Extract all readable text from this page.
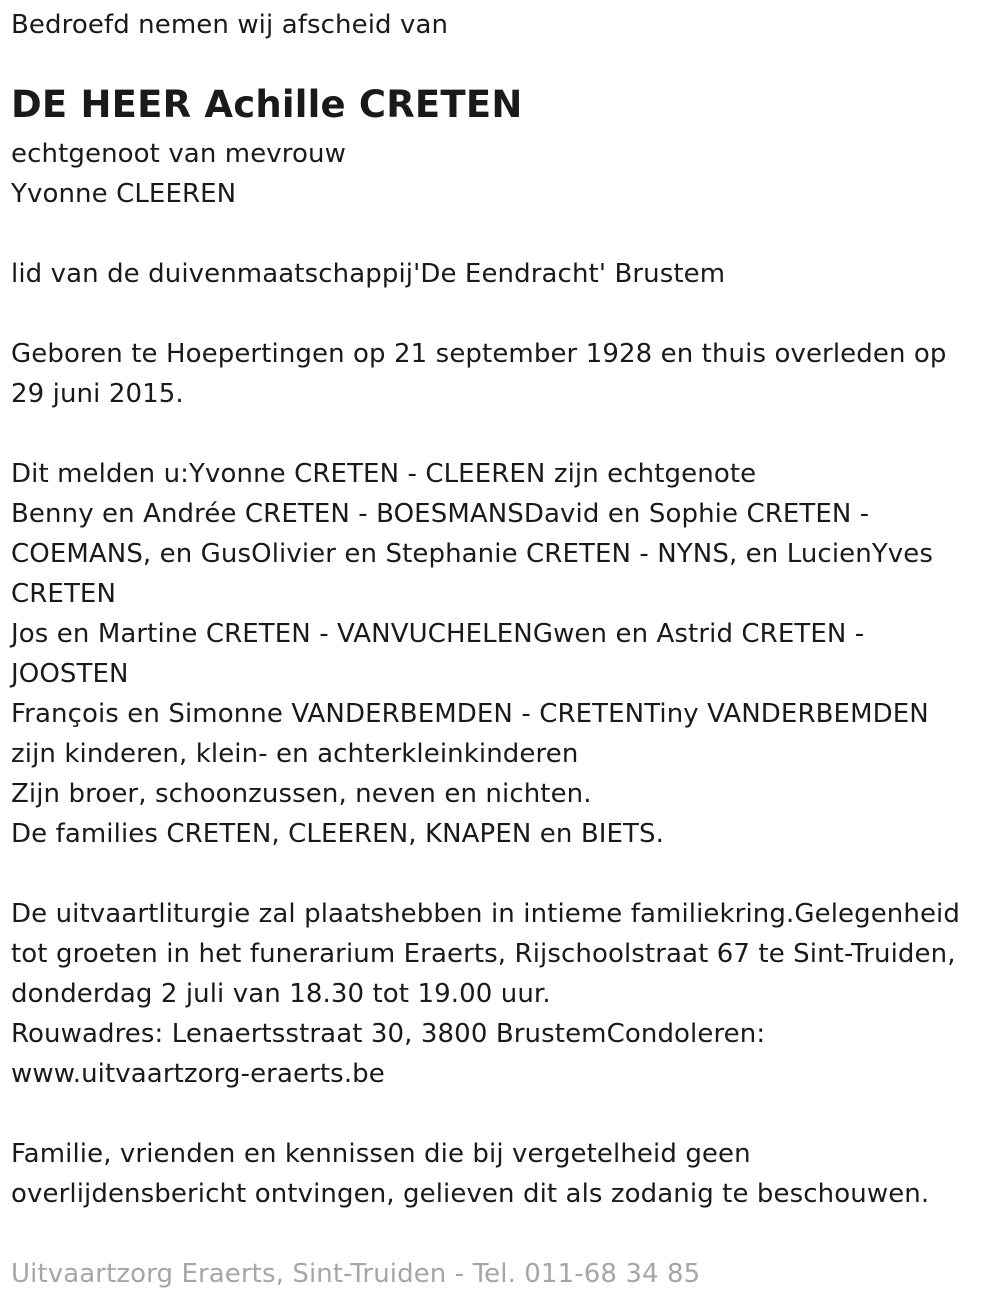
Bedroefd nemen wij afscheid van
DE HEER Achille CRETEN
echtgenoot van mevrouw
Yvonne CLEEREN
lid van de duivenmaatschappij'De Eendracht' Brustem
Geboren te Hoepertingen op 21 september 1928 en thuis overleden op
29 juni 2015.
Dit melden u:Yvonne CRETEN - CLEEREN zijn echtgenote
Benny en Andrée CRETEN - BOESMANSDavid en Sophie CRETEN -
COEMANS, en GusOlivier en Stephanie CRETEN - NYNS, en LucienYves
CRETEN
Jos en Martine CRETEN - VANVUCHELENGwen en Astrid CRETEN -
JOOSTEN
François en Simonne VANDERBEMDEN - CRETENTiny VANDERBEMDEN
zijn kinderen, klein- en achterkleinkinderen
Zijn broer, schoonzussen, neven en nichten.
De families CRETEN, CLEEREN, KNAPEN en BIETS.
De uitvaartliturgie zal plaatshebben in intieme familiekring.Gelegenheid
tot groeten in het funerarium Eraerts, Rijschoolstraat 67 te Sint-Truiden,
donderdag 2 juli van 18.30 tot 19.00 uur.
Rouwadres: Lenaertsstraat 30, 3800 BrustemCondoleren:
www.uitvaartzorg-eraerts.be
Familie, vrienden en kennissen die bij vergetelheid geen
overlijdensbericht ontvingen, gelieven dit als zodanig te beschouwen.
Uitvaartzorg Eraerts, Sint-Truiden - Tel. 011-68 34 85
